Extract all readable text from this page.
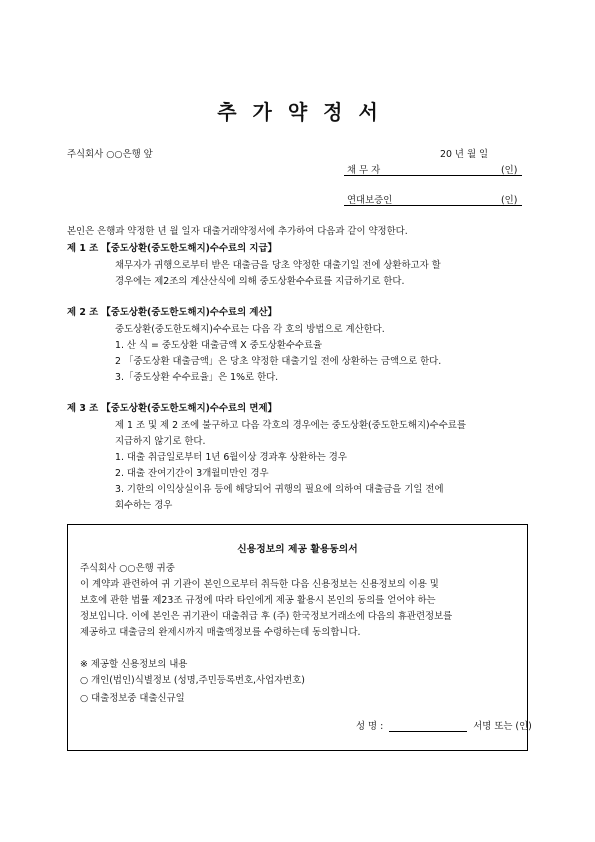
추가약정서
주식회사 ○○은행 앞	20 년 월 일
채 무 자	(인)
연대보증인	(인)
본인은 은행과 약정한 년 월 일자 대출거래약정서에 추가하여 다음과 같이 약정한다.
제 1 조 【중도상환(중도한도해지)수수료의 지급】
채무자가 귀행으로부터 받은 대출금을 당초 약정한 대출기일 전에 상환하고자 할
경우에는 제2조의 계산산식에 의해 중도상환수수료를 지급하기로 한다.
제 2 조 【중도상환(중도한도해지)수수료의 계산】
중도상환(중도한도해지)수수료는 다음 각 호의 방법으로 계산한다.
1. 산 식 = 중도상환 대출금액 X 중도상환수수료율
2 「중도상환 대출금액」은 당초 약정한 대출기일 전에 상환하는 금액으로 한다.
3.「중도상환 수수료율」은 1%로 한다.
제 3 조 【중도상환(중도한도해지)수수료의 면제】
제 1 조 및 제 2 조에 불구하고 다음 각호의 경우에는 중도상환(중도한도해지)수수료를
지급하지 않기로 한다.
1. 대출 취급일로부터 1년 6월이상 경과후 상환하는 경우
2. 대출 잔여기간이 3개월미만인 경우
3. 기한의 이익상실이유 등에 해당되어 귀행의 필요에 의하여 대출금을 기일 전에
회수하는 경우
신용정보의 제공 활용동의서
주식회사 ○○은행 귀중
이 계약과 관련하여 귀 기관이 본인으로부터 취득한 다음 신용정보는 신용정보의 이용 및
보호에 관한 법률 제23조 규정에 따라 타인에게 제공 활용시 본인의 동의를 얻어야 하는
정보입니다. 이에 본인은 귀기관이 대출취급 후 (주) 한국정보거래소에 다음의 휴관련정보를
제공하고 대출금의 완제시까지 매출액정보를 수령하는데 동의합니다.
※ 제공할 신용정보의 내용
○ 개인(법인)식별정보 (성명,주민등록번호,사업자번호)
○ 대출정보중 대출신규일
성 명 :	서명 또는 (인)
